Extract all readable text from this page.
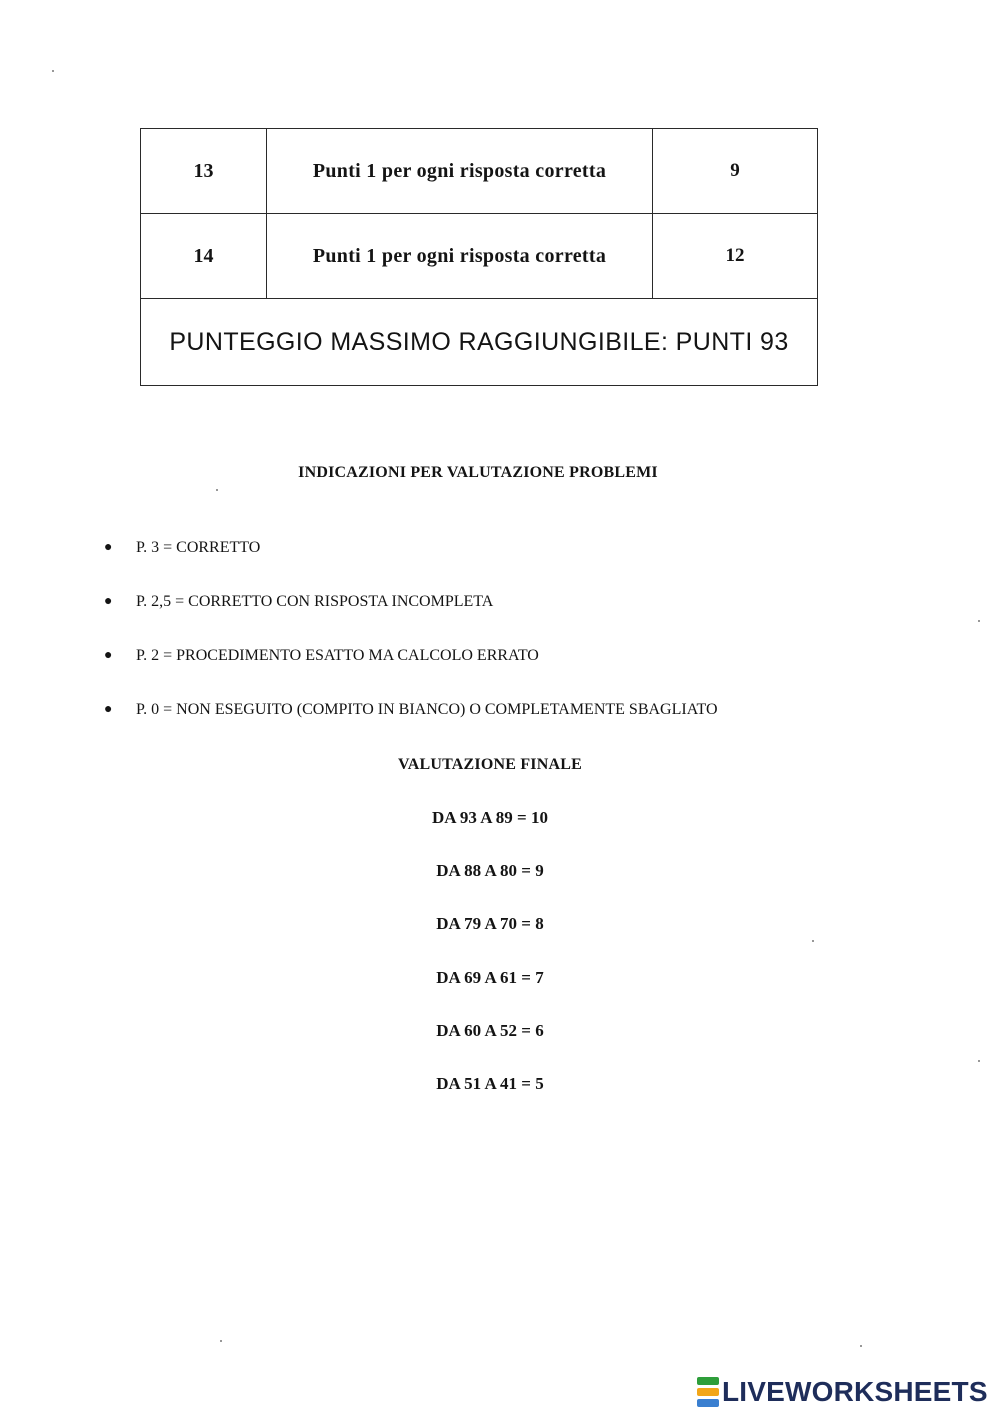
13	Punti 1 per ogni risposta corretta	9
14	Punti 1 per ogni risposta corretta	12
PUNTEGGIO MASSIMO RAGGIUNGIBILE: PUNTI 93		
INDICAZIONI PER VALUTAZIONE PROBLEMI
● P. 3 = CORRETTO
● P. 2,5 = CORRETTO CON RISPOSTA INCOMPLETA
● P. 2 = PROCEDIMENTO ESATTO MA CALCOLO ERRATO
● P. 0 = NON ESEGUITO (COMPITO IN BIANCO) O COMPLETAMENTE SBAGLIATO
VALUTAZIONE FINALE
DA 93 A 89 = 10
DA 88 A 80 = 9
DA 79 A 70 = 8
DA 69 A 61 = 7
DA 60 A 52 = 6
DA 51 A 41 = 5
LIVEWORKSHEETS
